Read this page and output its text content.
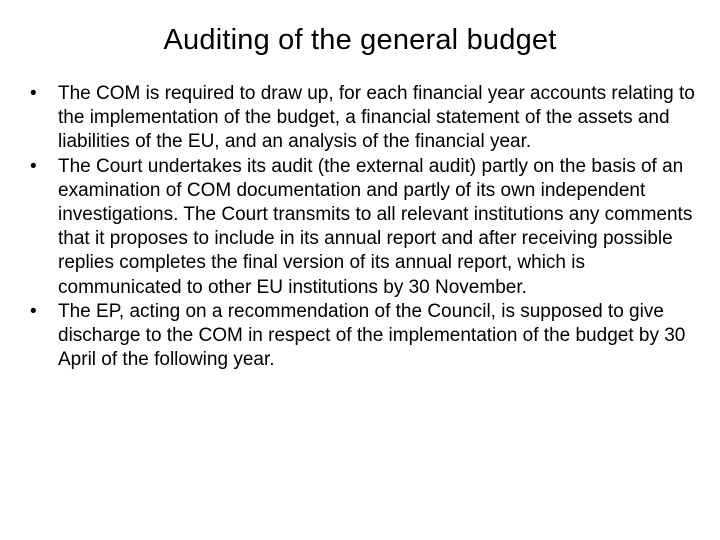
Auditing of the general budget
• The COM is required to draw up, for each financial year accounts relating to the implementation of the budget, a financial statement of the assets and liabilities of the EU, and an analysis of the financial year.
• The Court undertakes its audit (the external audit) partly on the basis of an examination of COM documentation and partly of its own independent investigations. The Court transmits to all relevant institutions any comments that it proposes to include in its annual report and after receiving possible replies completes the final version of its annual report, which is communicated to other EU institutions by 30 November.
• The EP, acting on a recommendation of the Council, is supposed to give discharge to the COM in respect of the implementation of the budget by 30 April of the following year.
